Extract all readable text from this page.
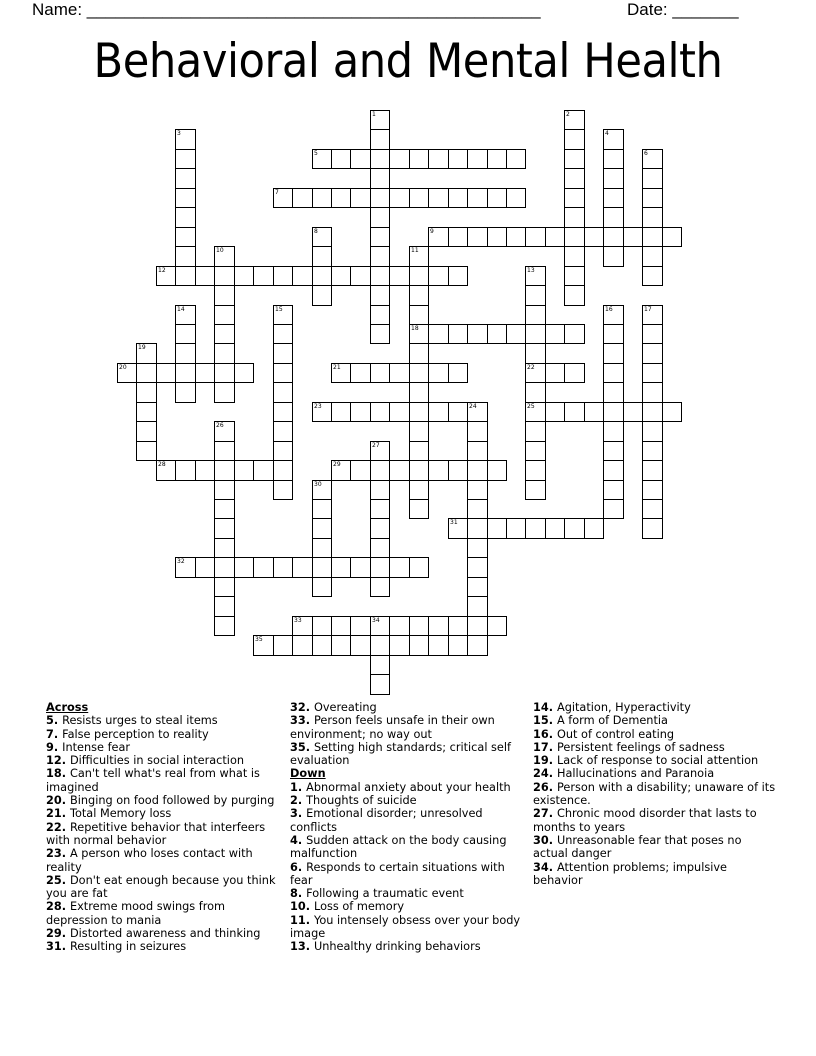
Name: ________________________________________________	Date: _______
Behavioral and Mental Health
5
7
9
12
18
20	21	22
23	24	25
28	29
31
32
33	34
35
1	2
3	4
6
8
10	11
13
14	15	16	17
19
26
27
30
Across
5. Resists urges to steal items
7. False perception to reality
9. Intense fear
12. Difficulties in social interaction
18. Can't tell what's real from what is imagined
20. Binging on food followed by purging
21. Total Memory loss
22. Repetitive behavior that interfeers with normal behavior
23. A person who loses contact with reality
25. Don't eat enough because you think you are fat
28. Extreme mood swings from depression to mania
29. Distorted awareness and thinking
31. Resulting in seizures
32. Overeating
33. Person feels unsafe in their own environment; no way out
35. Setting high standards; critical self evaluation
Down
1. Abnormal anxiety about your health
2. Thoughts of suicide
3. Emotional disorder; unresolved conflicts
4. Sudden attack on the body causing malfunction
6. Responds to certain situations with fear
8. Following a traumatic event
10. Loss of memory
11. You intensely obsess over your body image
13. Unhealthy drinking behaviors
14. Agitation, Hyperactivity
15. A form of Dementia
16. Out of control eating
17. Persistent feelings of sadness
19. Lack of response to social attention
24. Hallucinations and Paranoia
26. Person with a disability; unaware of its existence.
27. Chronic mood disorder that lasts to months to years
30. Unreasonable fear that poses no actual danger
34. Attention problems; impulsive behavior
